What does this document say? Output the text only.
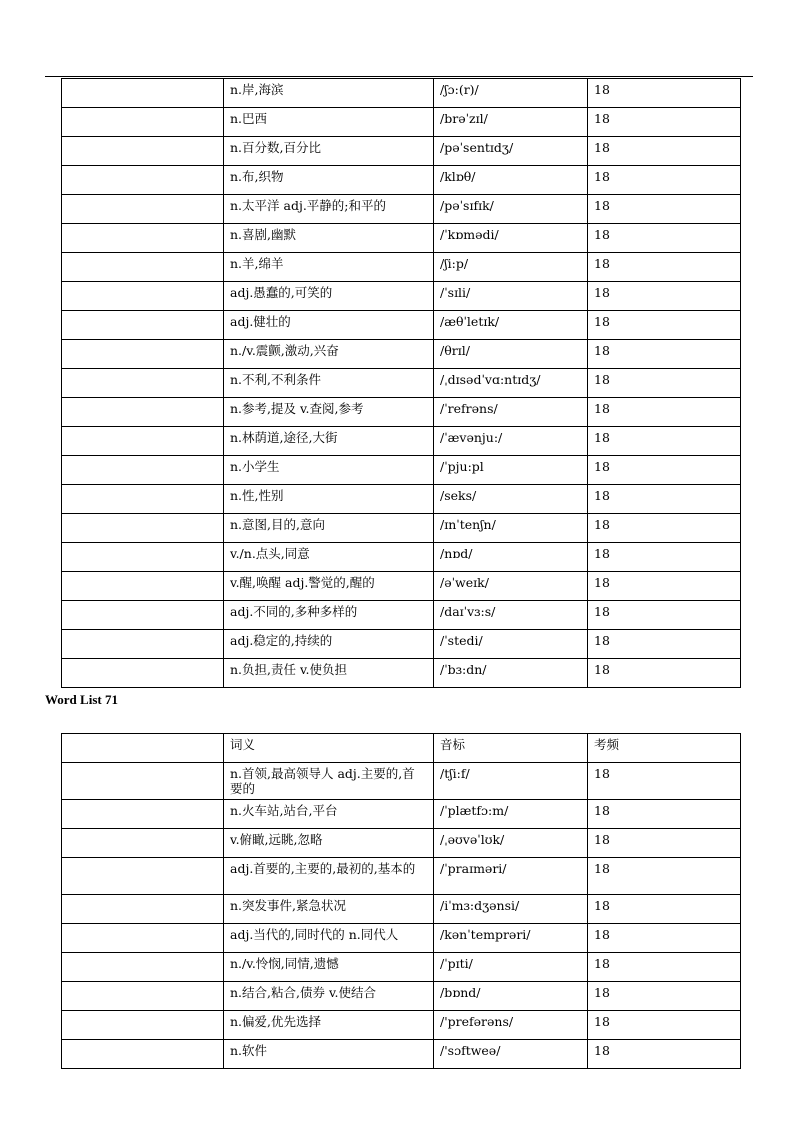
	n.岸,海滨	/ʃɔ:(r)/	18
	n.巴西	/brəˈzɪl/	18
	n.百分数,百分比	/pəˈsentɪdʒ/	18
	n.布,织物	/klɒθ/	18
	n.太平洋 adj.平静的;和平的	/pəˈsɪfɪk/	18
	n.喜剧,幽默	/ˈkɒmədi/	18
	n.羊,绵羊	/ʃi:p/	18
	adj.愚蠢的,可笑的	/ˈsɪli/	18
	adj.健壮的	/æθˈletɪk/	18
	n./v.震颤,激动,兴奋	/θrɪl/	18
	n.不利,不利条件	/ˌdɪsədˈvɑ:ntɪdʒ/	18
	n.参考,提及 v.查阅,参考	/ˈrefrəns/	18
	n.林荫道,途径,大街	/ˈævənju:/	18
	n.小学生	/ˈpju:pl	18
	n.性,性别	/seks/	18
	n.意图,目的,意向	/ɪnˈtenʃn/	18
	v./n.点头,同意	/nɒd/	18
	v.醒,唤醒 adj.警觉的,醒的	/əˈweɪk/	18
	adj.不同的,多种多样的	/daɪˈvɜ:s/	18
	adj.稳定的,持续的	/ˈstedi/	18
	n.负担,责任 v.使负担	/ˈbɜ:dn/	18
Word List 71
	词义	音标	考频
	n.首领,最高领导人 adj.主要的,首要的	/tʃi:f/	18
	n.火车站,站台,平台	/ˈplætfɔ:m/	18
	v.俯瞰,远眺,忽略	/ˌəʊvəˈlʊk/	18
	adj.首要的,主要的,最初的,基本的	/ˈpraɪməri/	18
	n.突发事件,紧急状况	/iˈmɜ:dʒənsi/	18
	adj.当代的,同时代的 n.同代人	/kənˈtemprəri/	18
	n./v.怜悯,同情,遗憾	/ˈpɪti/	18
	n.结合,粘合,债券 v.使结合	/bɒnd/	18
	n.偏爱,优先选择	/'prefərəns/	18
	n.软件	/'sɔftweə/	18
